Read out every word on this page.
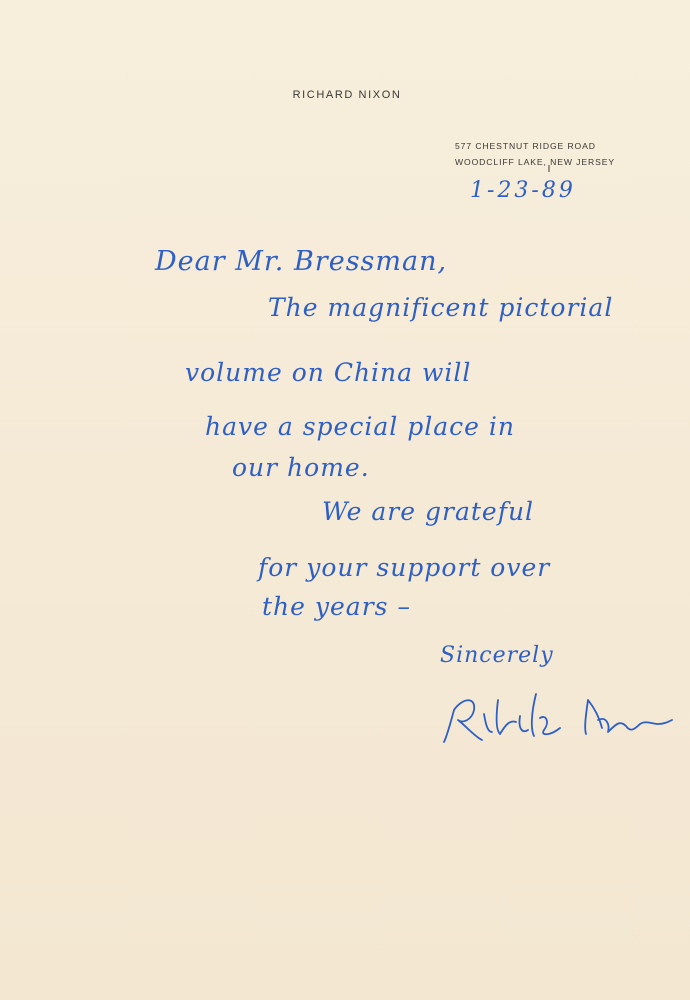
RICHARD NIXON
577 CHESTNUT RIDGE ROAD
WOODCLIFF LAKE, NEW JERSEY
1-23-89
Dear Mr. Bressman,
The magnificent pictorial
volume on China will
have a special place in
our home.
We are grateful
for your support over
the years –
Sincerely
